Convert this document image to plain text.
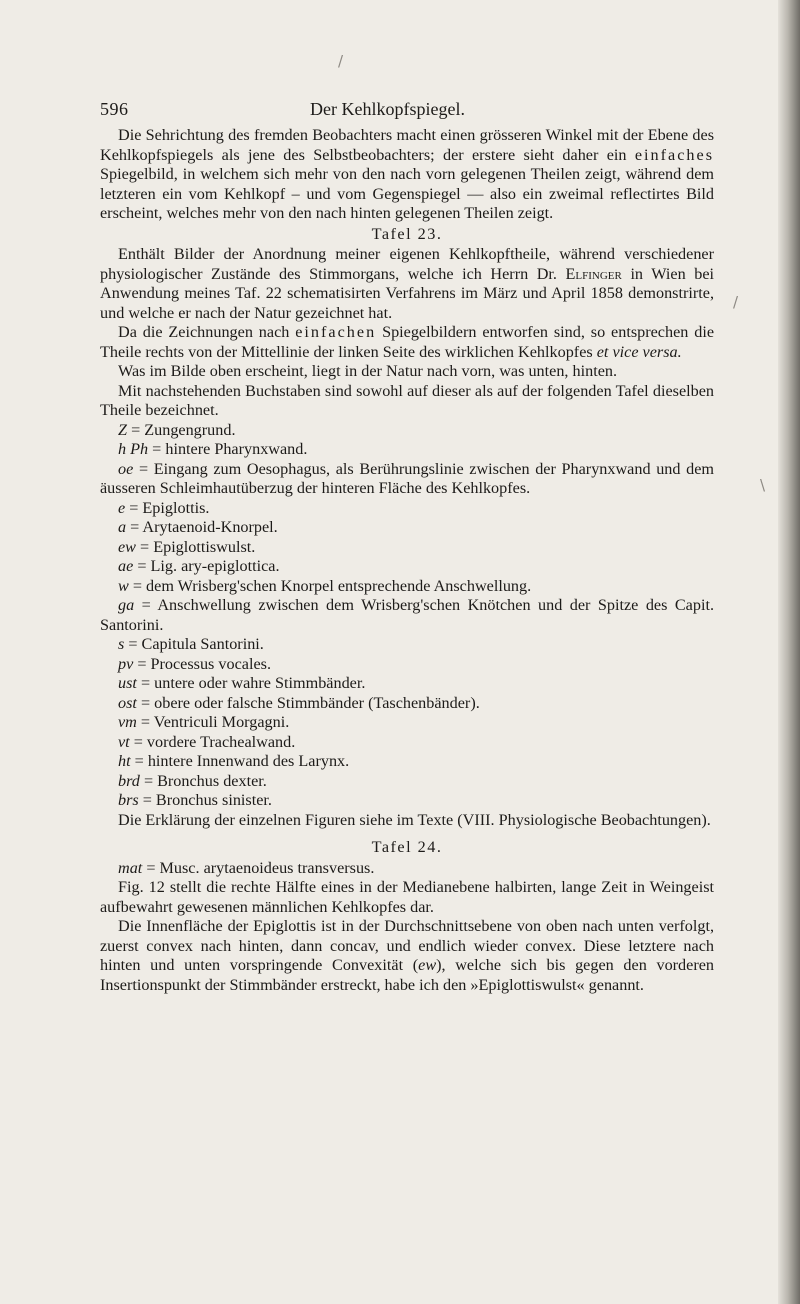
/
/
\
596	Der Kehlkopfspiegel.

Die Sehrichtung des fremden Beobachters macht einen grösseren Winkel mit der Ebene des Kehlkopfspiegels als jene des Selbstbeobachters; der erstere sieht daher ein einfaches Spiegelbild, in welchem sich mehr von den nach vorn gelegenen Theilen zeigt, während dem letzteren ein vom Kehlkopf – und vom Gegenspiegel — also ein zweimal reflectirtes Bild erscheint, welches mehr von den nach hinten gelegenen Theilen zeigt.

Tafel 23.

Enthält Bilder der Anordnung meiner eigenen Kehlkopftheile, während verschiedener physiologischer Zustände des Stimmorgans, welche ich Herrn Dr. Elfinger in Wien bei Anwendung meines Taf. 22 schematisirten Verfahrens im März und April 1858 demonstrirte, und welche er nach der Natur gezeichnet hat.

Da die Zeichnungen nach einfachen Spiegelbildern entworfen sind, so entsprechen die Theile rechts von der Mittellinie der linken Seite des wirklichen Kehlkopfes et vice versa.

Was im Bilde oben erscheint, liegt in der Natur nach vorn, was unten, hinten.

Mit nachstehenden Buchstaben sind sowohl auf dieser als auf der folgenden Tafel dieselben Theile bezeichnet.

Z = Zungengrund.
h Ph = hintere Pharynxwand.
oe = Eingang zum Oesophagus, als Berührungslinie zwischen der Pharynxwand und dem äusseren Schleimhautüberzug der hinteren Fläche des Kehlkopfes.
e = Epiglottis.
a = Arytaenoid-Knorpel.
ew = Epiglottiswulst.
ae = Lig. ary-epiglottica.
w = dem Wrisberg'schen Knorpel entsprechende Anschwellung.
ga = Anschwellung zwischen dem Wrisberg'schen Knötchen und der Spitze des Capit. Santorini.
s = Capitula Santorini.
pv = Processus vocales.
ust = untere oder wahre Stimmbänder.
ost = obere oder falsche Stimmbänder (Taschenbänder).
vm = Ventriculi Morgagni.
vt = vordere Trachealwand.
ht = hintere Innenwand des Larynx.
brd = Bronchus dexter.
brs = Bronchus sinister.

Die Erklärung der einzelnen Figuren siehe im Texte (VIII. Physiologische Beobachtungen).

Tafel 24.

mat = Musc. arytaenoideus transversus.

Fig. 12 stellt die rechte Hälfte eines in der Medianebene halbirten, lange Zeit in Weingeist aufbewahrt gewesenen männlichen Kehlkopfes dar.

Die Innenfläche der Epiglottis ist in der Durchschnittsebene von oben nach unten verfolgt, zuerst convex nach hinten, dann concav, und endlich wieder convex. Diese letztere nach hinten und unten vorspringende Convexität (ew), welche sich bis gegen den vorderen Insertionspunkt der Stimmbänder erstreckt, habe ich den »Epiglottiswulst« genannt.
